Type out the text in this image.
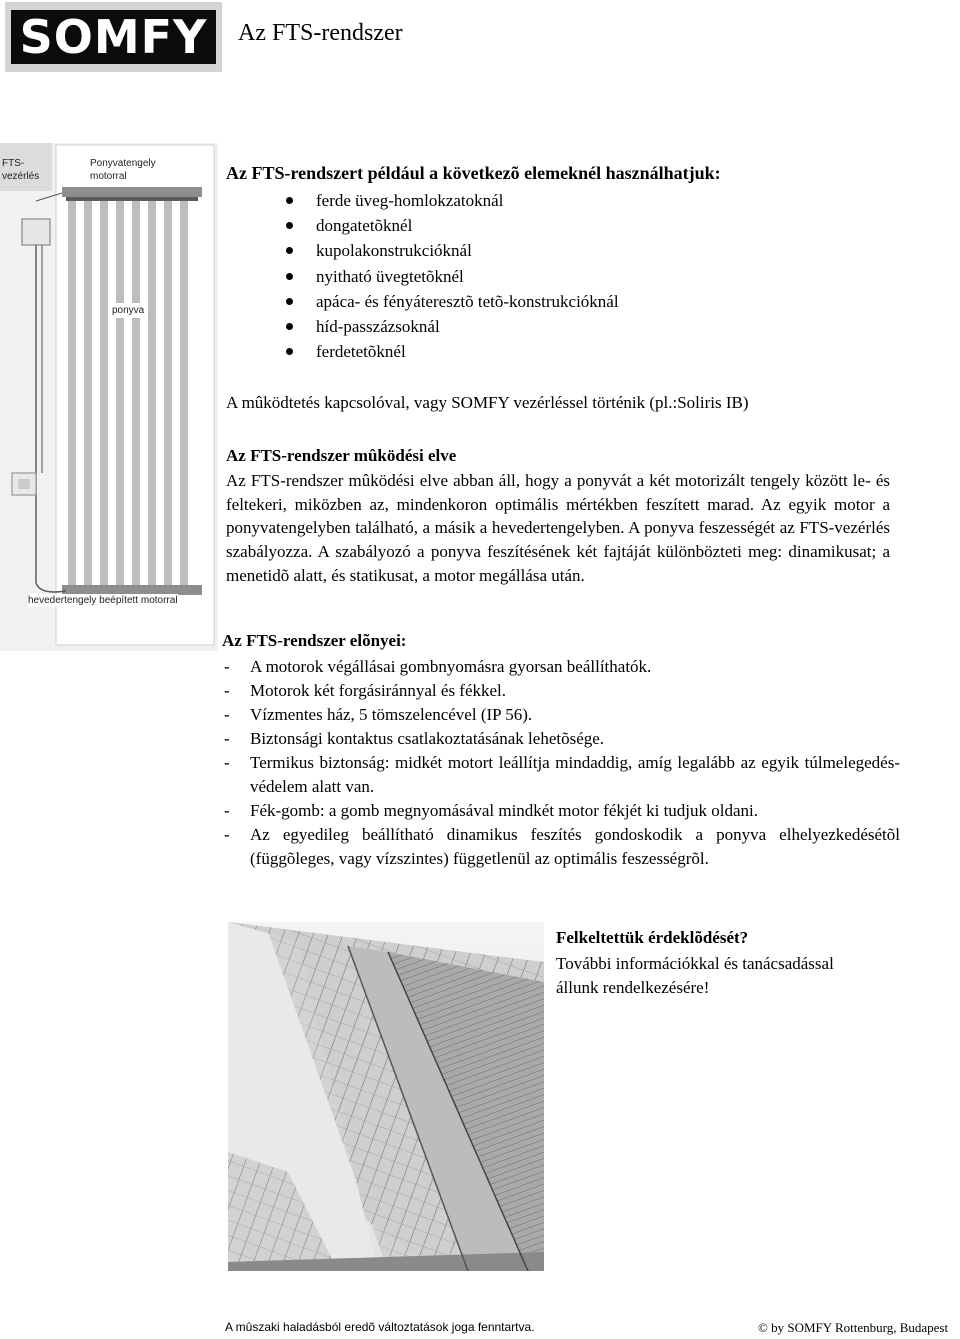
SOMFY Az FTS-rendszer
FTS-
vezérlés
Ponyvatengely
motorral
ponyva
hevedertengely beépített motorral
Az FTS-rendszert például a következõ elemeknél használhatjuk:
ferde üveg-homlokzatoknál
dongatetõknél
kupolakonstrukcióknál
nyitható üvegtetõknél
apáca- és fényáteresztõ tetõ-konstrukcióknál
híd-passzázsoknál
ferdetetõknél
A mûködtetés kapcsolóval, vagy SOMFY vezérléssel történik (pl.:Soliris IB)
Az FTS-rendszer mûködési elve
Az FTS-rendszer mûködési elve abban áll, hogy a ponyvát a két motorizált tengely között le- és feltekeri, miközben az, mindenkoron optimális mértékben feszített marad. Az egyik motor a ponyvatengelyben található, a másik a hevedertengelyben. A ponyva feszességét az FTS-vezérlés szabályozza. A szabályozó a ponyva feszítésének két fajtáját különbözteti meg: dinamikusat; a menetidõ alatt, és statikusat, a motor megállása után.
Az FTS-rendszer elõnyei:
- A motorok végállásai gombnyomásra gyorsan beállíthatók.
- Motorok két forgásiránnyal és fékkel.
- Vízmentes ház, 5 tömszelencével (IP 56).
- Biztonsági kontaktus csatlakoztatásának lehetõsége.
- Termikus biztonság: midkét motort leállítja mindaddig, amíg legalább az egyik túlmelegedés-védelem alatt van.
- Fék-gomb: a gomb megnyomásával mindkét motor fékjét ki tudjuk oldani.
- Az egyedileg beállítható dinamikus feszítés gondoskodik a ponyva elhelyezkedésétõl (függõleges, vagy vízszintes) függetlenül az optimális feszességrõl.
Felkeltettük érdeklõdését?
További információkkal és tanácsadással állunk rendelkezésére!
A mûszaki haladásból eredõ változtatások joga fenntartva.	© by SOMFY Rottenburg, Budapest
